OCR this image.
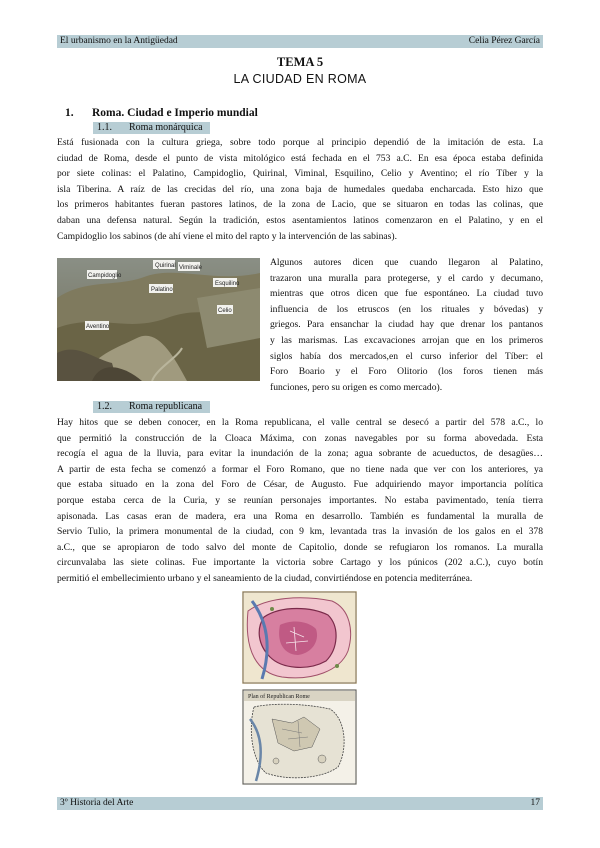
El urbanismo en la Antigüedad	Celia Pérez García
TEMA 5
LA CIUDAD EN ROMA
1. Roma. Ciudad e Imperio mundial
1.1. Roma monárquica
Está fusionada con la cultura griega, sobre todo porque al principio dependió de la imitación de esta. La
ciudad de Roma, desde el punto de vista mitológico está fechada en el 753 a.C. En esa época estaba definida
por siete colinas: el Palatino, Campidoglio, Quirinal, Viminal, Esquilino, Celio y Aventino; el río Tíber y la
isla Tiberina. A raíz de las crecidas del río, una zona baja de humedales quedaba encharcada. Esto hizo que
los primeros habitantes fueran pastores latinos, de la zona de Lacio, que se situaron en todas las colinas, que
daban una defensa natural. Según la tradición, estos asentamientos latinos comenzaron en el Palatino, y en el
Campidoglio los sabinos (de ahí viene el mito del rapto y la intervención de las sabinas).
Quirinal Viminale
Campidoglio
Palatino
Esquilino
Aventino
Celio
Algunos autores dicen que cuando llegaron al Palatino,
trazaron una muralla para protegerse, y el cardo y decumano,
mientras que otros dicen que fue espontáneo. La ciudad tuvo
influencia de los etruscos (en los rituales y bóvedas) y
griegos. Para ensanchar la ciudad hay que drenar los pantanos
y las marismas. Las excavaciones arrojan que en los primeros
siglos había dos mercados,en el curso inferior del Tíber: el
Foro Boario y el Foro Olitorio (los foros tienen más
funciones, pero su origen es como mercado).
1.2. Roma republicana
Hay hitos que se deben conocer, en la Roma republicana, el valle central se desecó a partir del 578 a.C., lo
que permitió la construcción de la Cloaca Máxima, con zonas navegables por su forma abovedada. Esta
recogía el agua de la lluvia, para evitar la inundación de la zona; agua sobrante de acueductos, de desagües…
A partir de esta fecha se comenzó a formar el Foro Romano, que no tiene nada que ver con los anteriores, ya
que estaba situado en la zona del Foro de César, de Augusto. Fue adquiriendo mayor importancia política
porque estaba cerca de la Curia, y se reunían personajes importantes. No estaba pavimentado, tenía tierra
apisonada. Las casas eran de madera, era una Roma en desarrollo. También es fundamental la muralla de
Servio Tulio, la primera monumental de la ciudad, con 9 km, levantada tras la invasión de los galos en el 378
a.C., que se apropiaron de todo salvo del monte de Capitolio, donde se refugiaron los romanos. La muralla
circunvalaba las siete colinas. Fue importante la victoria sobre Cartago y los púnicos (202 a.C.), cuyo botín
permitió el embellecimiento urbano y el saneamiento de la ciudad, convirtiéndose en potencia mediterránea.
Plan of Republican Rome
3º Historia del Arte	17
